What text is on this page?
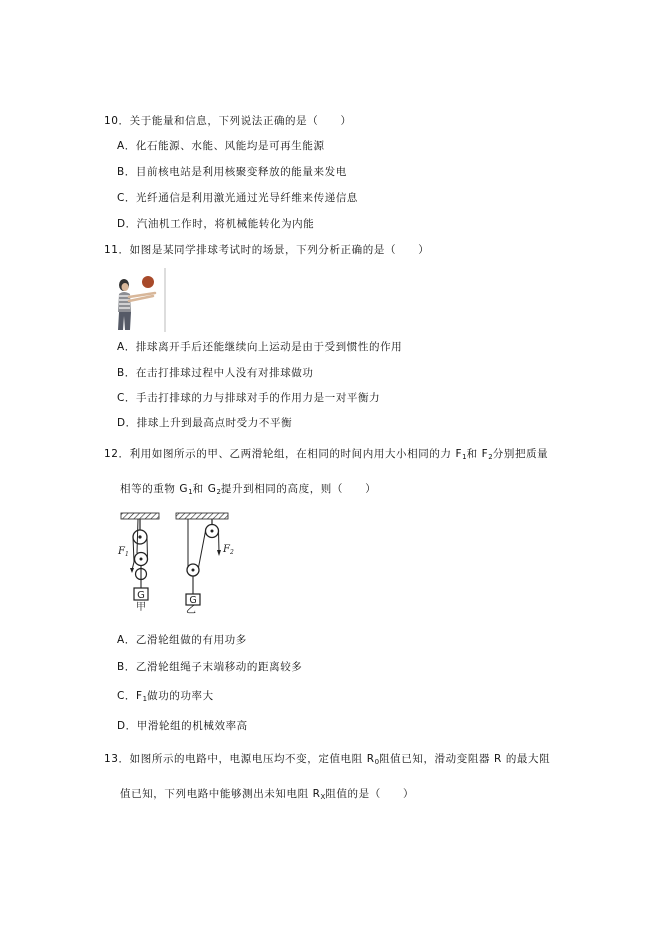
10．关于能量和信息，下列说法正确的是（　　）
A．化石能源、水能、风能均是可再生能源
B．目前核电站是利用核聚变释放的能量来发电
C．光纤通信是利用激光通过光导纤维来传递信息
D．汽油机工作时，将机械能转化为内能
11．如图是某同学排球考试时的场景，下列分析正确的是（　　）
A．排球离开手后还能继续向上运动是由于受到惯性的作用
B．在击打排球过程中人没有对排球做功
C．手击打排球的力与排球对手的作用力是一对平衡力
D．排球上升到最高点时受力不平衡
12．利用如图所示的甲、乙两滑轮组，在相同的时间内用大小相同的力 $F_1$和 $F_2$分别把质量
相等的重物 $G_1$和 $G_2$提升到相同的高度，则（　　）
$F_1$
G
甲
$F_2$
G
乙
A．乙滑轮组做的有用功多
B．乙滑轮组绳子末端移动的距离较多
C．$F_1$做功的功率大
D．甲滑轮组的机械效率高
13．如图所示的电路中，电源电压均不变，定值电阻 $R_0$阻值已知，滑动变阻器 R 的最大阻
值已知，下列电路中能够测出未知电阻 $R_X$阻值的是（　　）
